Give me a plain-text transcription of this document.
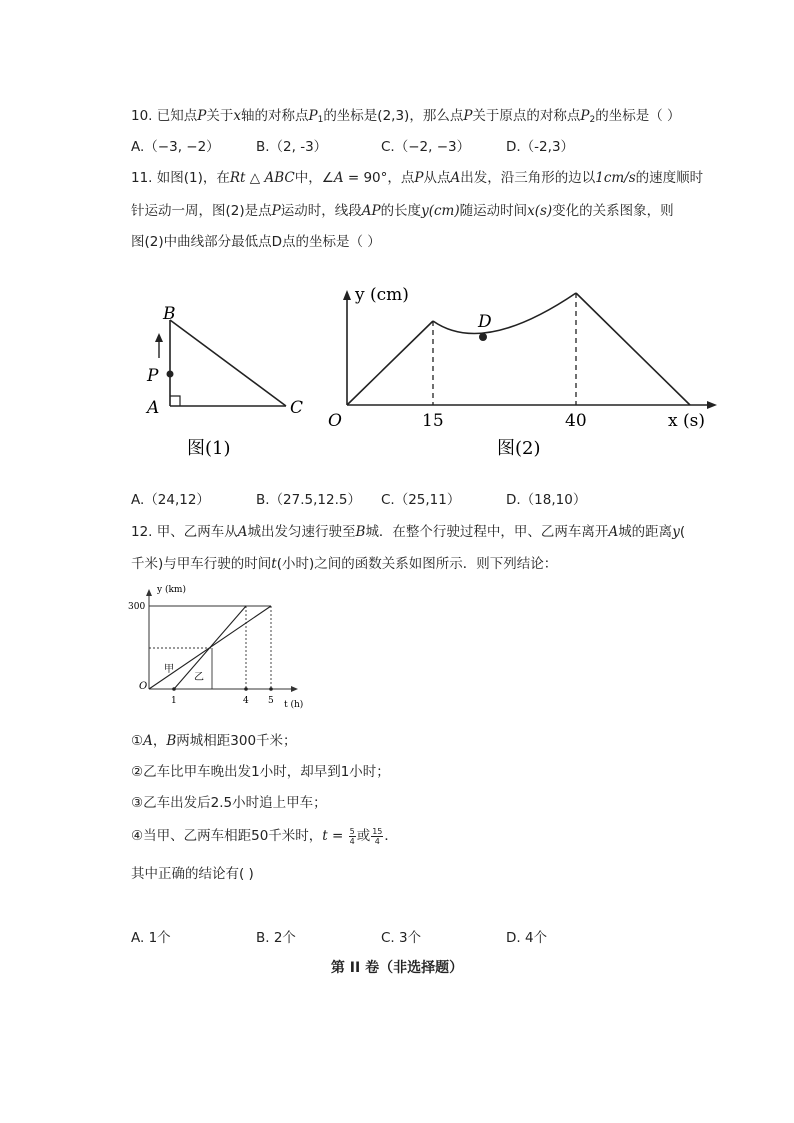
10. 已知点P关于x轴的对称点$P_1$的坐标是(2,3)，那么点P关于原点的对称点$P_2$的坐标是（ ）
A.（−3, −2）	B.（2, -3）	C.（−2, −3）	D.（-2,3）
11. 如图(1)，在Rt △ ABC中，∠A = 90°，点P从点A出发，沿三角形的边以1cm/s的速度顺时
针运动一周，图(2)是点P运动时，线段AP的长度y(cm)随运动时间x(s)变化的关系图象，则
图(2)中曲线部分最低点D点的坐标是（ ）
B
P
A	C
图(1)
y (cm)
D
O	15	40	x (s)
图(2)
A.（24,12）	B.（27.5,12.5） C.（25,11）	D.（18,10）
12. 甲、乙两车从A城出发匀速行驶至B城．在整个行驶过程中，甲、乙两车离开A城的距离y(
千米)与甲车行驶的时间t(小时)之间的函数关系如图所示．则下列结论：
y (km)
300
O
甲
乙
1	4 5 t (h)
①A，B两城相距300千米；
②乙车比甲车晚出发1小时，却早到1小时；
③乙车出发后2.5小时追上甲车；
④当甲、乙两车相距50千米时，$t = \frac{5}{4}$ 或 $\frac{15}{4}$ ．
其中正确的结论有( )
A. 1个	B. 2个	C. 3个	D. 4个
第 II 卷（非选择题）
